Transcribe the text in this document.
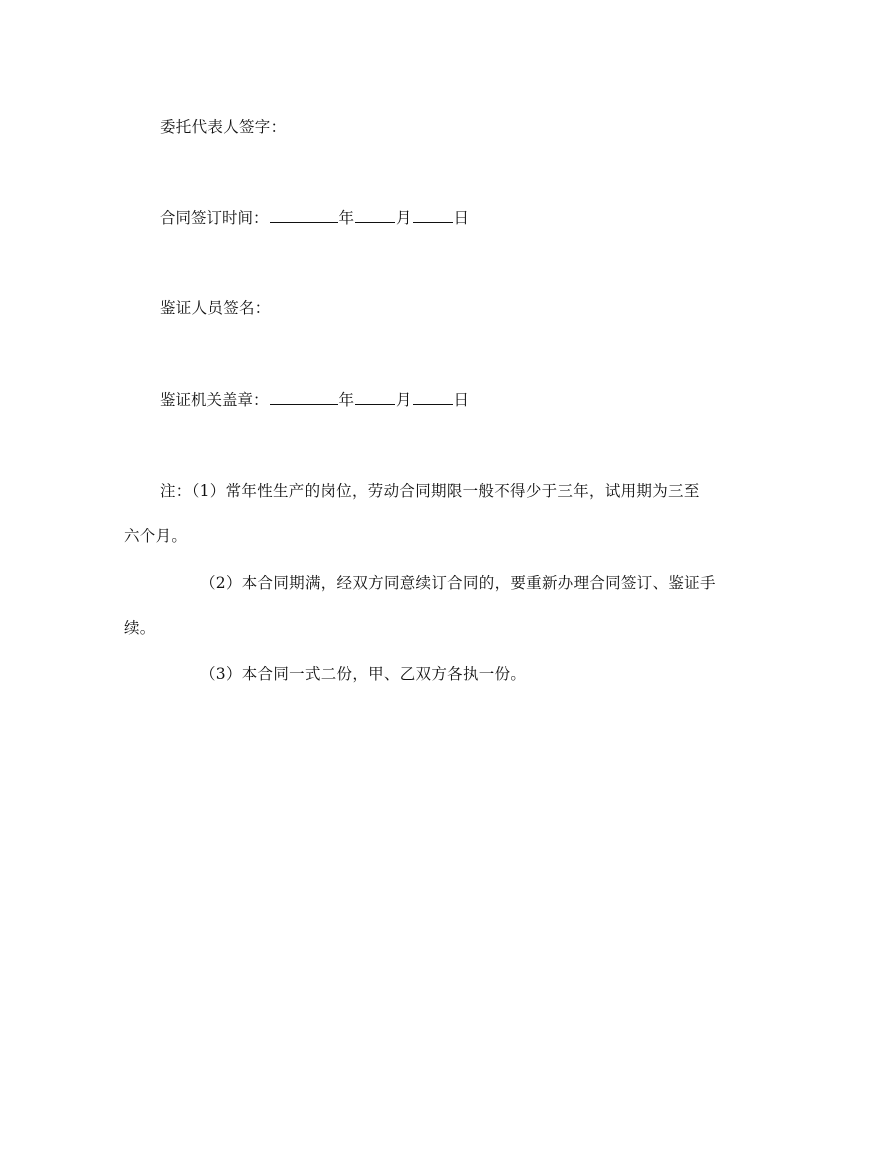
委托代表人签字：
合同签订时间：	年	月	日
鉴证人员签名：
鉴证机关盖章：	年	月	日
注：（1）常年性生产的岗位，劳动合同期限一般不得少于三年，试用期为三至
六个月。
（2）本合同期满，经双方同意续订合同的，要重新办理合同签订、鉴证手
续。
（3）本合同一式二份，甲、乙双方各执一份。
